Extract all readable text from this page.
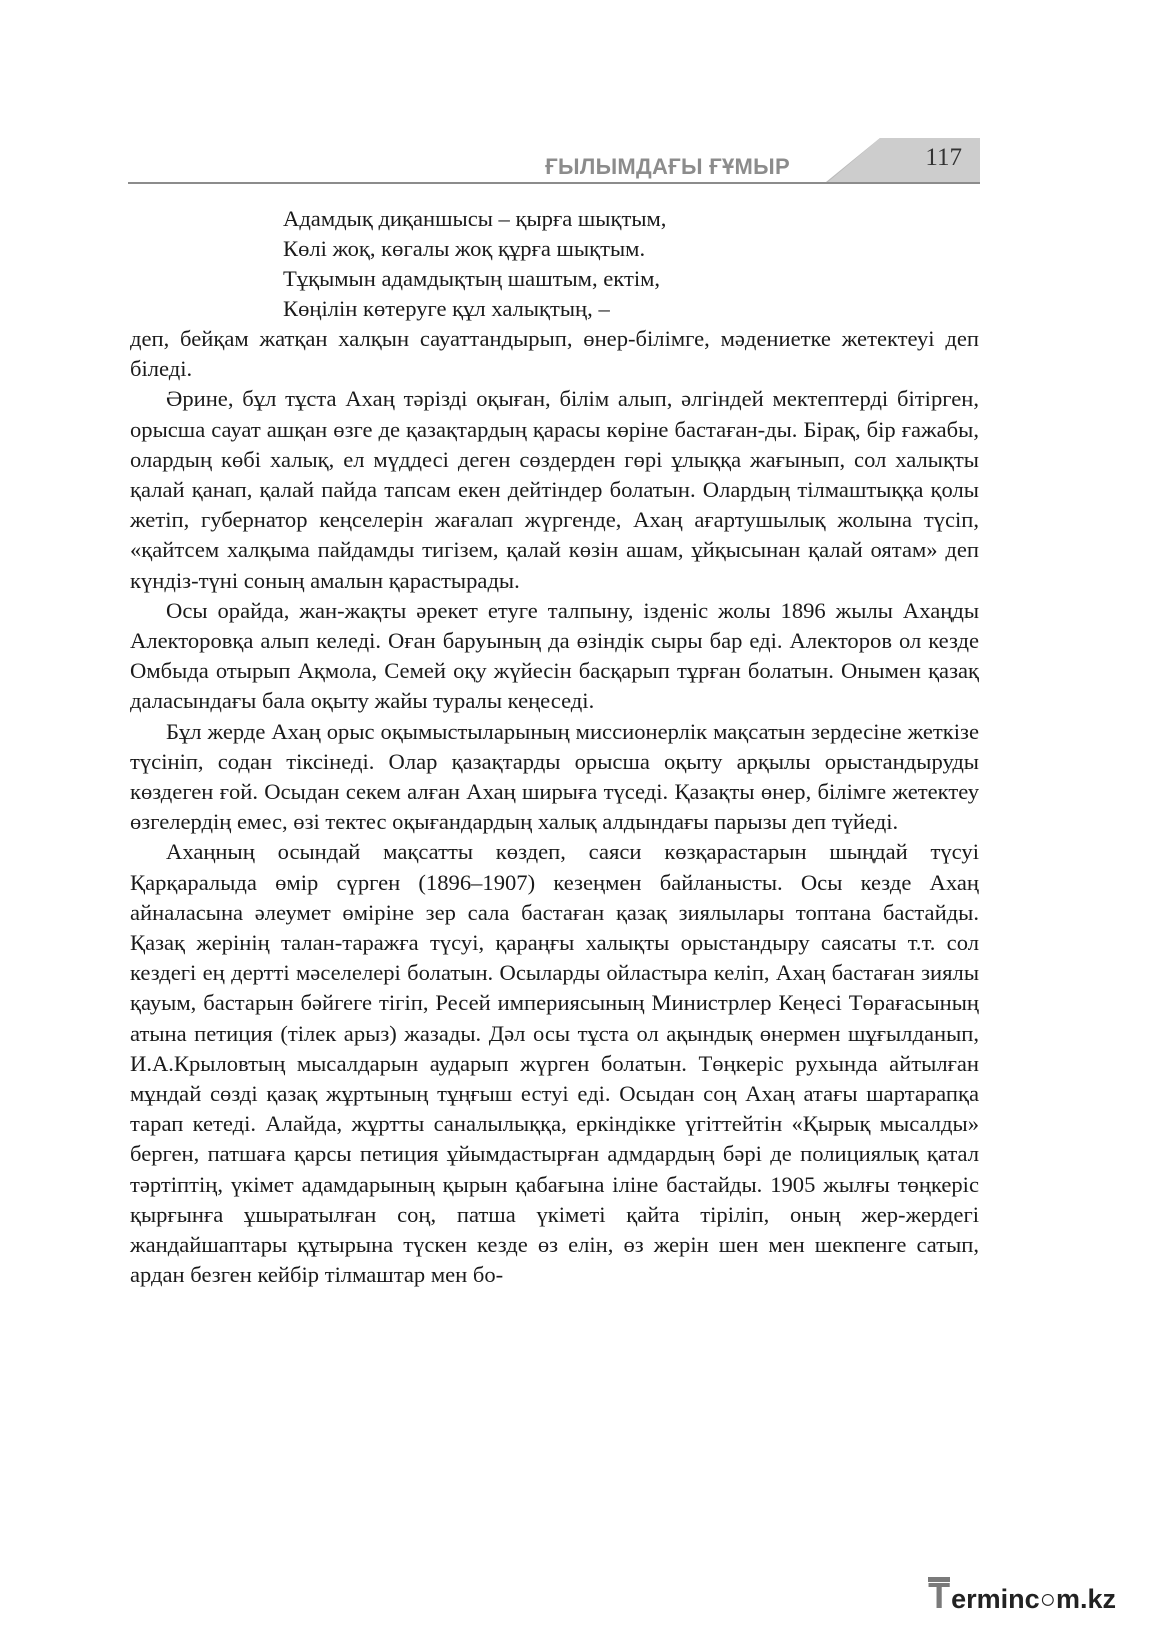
ҒЫЛЫМДАҒЫ ҒҰМЫР	117
Адамдық диқаншысы – қырға шықтым,
Көлі жоқ, көгалы жоқ құрға шықтым.
Тұқымын адамдықтың шаштым, ектім,
Көңілін көтеруге құл халықтың, –

деп, бейқам жатқан халқын сауаттандырып, өнер-білімге, мәдениетке жетектеуі деп біледі.

Әрине, бұл тұста Ахаң тәрізді оқыған, білім алып, әлгіндей мектептерді бітірген, орысша сауат ашқан өзге де қазақтардың қарасы көріне бастаған-ды. Бірақ, бір ғажабы, олардың көбі халық, ел мүддесі деген сөздерден гөрі ұлыққа жағынып, сол халықты қалай қанап, қалай пайда тапсам екен дейтіндер болатын. Олардың тілмаштыққа қолы жетіп, губернатор кеңселерін жағалап жүргенде, Ахаң ағартушылық жолына түсіп, «қайтсем халқыма пайдамды тигізем, қалай көзін ашам, ұйқысынан қалай оятам» деп күндіз-түні соның амалын қарастырады.

Осы орайда, жан-жақты әрекет етуге талпыну, ізденіс жолы 1896 жылы Ахаңды Алекторовқа алып келеді. Оған баруының да өзіндік сыры бар еді. Алекторов ол кезде Омбыда отырып Ақмола, Семей оқу жүйесін басқарып тұрған болатын. Онымен қазақ даласындағы бала оқыту жайы туралы кеңеседі.

Бұл жерде Ахаң орыс оқымыстыларының миссионерлік мақсатын зердесіне жеткізе түсініп, содан тіксінеді. Олар қазақтарды орысша оқыту арқылы орыстандыруды көздеген ғой. Осыдан секем алған Ахаң ширыға түседі. Қазақты өнер, білімге жетектеу өзгелердің емес, өзі тектес оқығандардың халық алдындағы парызы деп түйеді.

Ахаңның осындай мақсатты көздеп, саяси көзқарастарын шыңдай түсуі Қарқаралыда өмір сүрген (1896–1907) кезеңмен байланысты. Осы кезде Ахаң айналасына әлеумет өміріне зер сала бастаған қазақ зиялылары топтана бастайды. Қазақ жерінің талан-таражға түсуі, қараңғы халықты орыстандыру саясаты т.т. сол кездегі ең дертті мәселелері болатын. Осыларды ойластыра келіп, Ахаң бастаған зиялы қауым, бастарын бәйгеге тігіп, Ресей империясының Министрлер Кеңесі Төрағасының атына петиция (тілек арыз) жазады. Дәл осы тұста ол ақындық өнермен шұғылданып, И.А.Крыловтың мысалдарын аударып жүрген болатын. Төңкеріс рухында айтылған мұндай сөзді қазақ жұртының тұңғыш естуі еді. Осыдан соң Ахаң атағы шартарапқа тарап кетеді. Алайда, жұртты саналылыққа, еркіндікке үгіттейтін «Қырық мысалды» берген, патшаға қарсы петиция ұйымдастырған адмдардың бәрі де полициялық қатал тәртіптің, үкімет адамдарының қырын қабағына іліне бастайды. 1905 жылғы төңкеріс қырғынға ұшыратылған соң, патша үкіметі қайта тіріліп, оның жер-жердегі жандайшаптары құтырына түскен кезде өз елін, өз жерін шен мен шекпенге сатып, ардан безген кейбір тілмаштар мен бо-

Terminc○m.kz
